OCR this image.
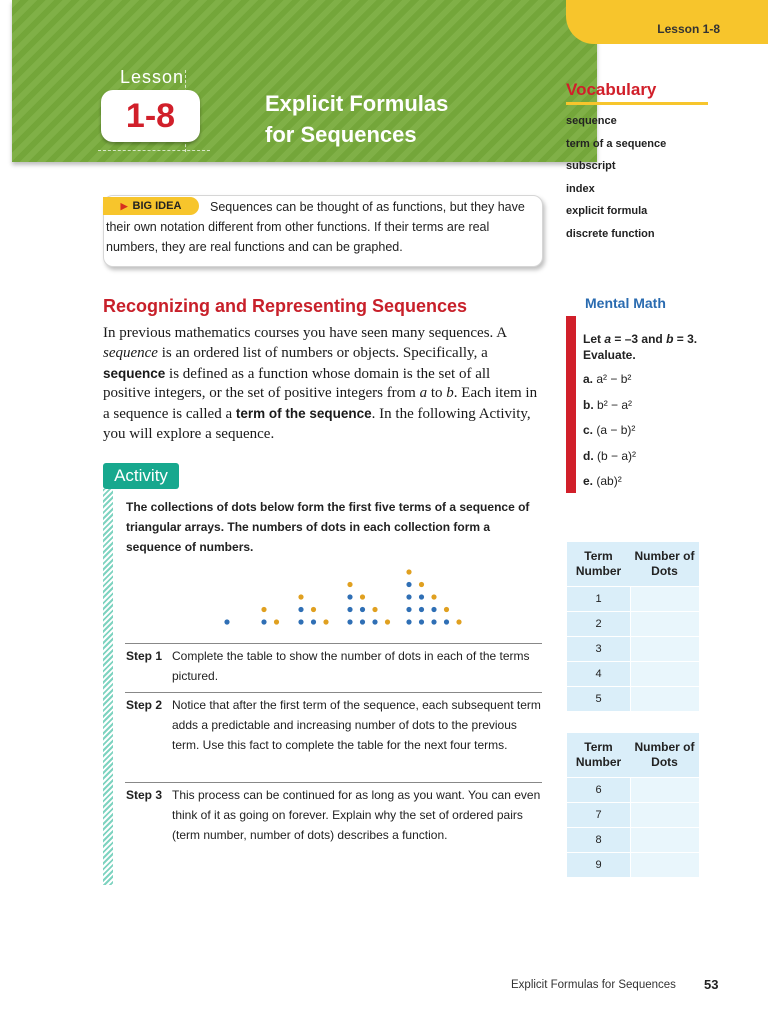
Lesson 1-8
Lesson
1-8	Explicit Formulas
for Sequences
Sequences can be thought of as functions, but they have their own notation different from other functions. If their terms are real numbers, they are real functions and can be graphed.
▶ BIG IDEA
Vocabulary
sequence
term of a sequence
subscript
index
explicit formula
discrete function
Recognizing and Representing Sequences
In previous mathematics courses you have seen many sequences. A sequence is an ordered list of numbers or objects. Specifically, a sequence is defined as a function whose domain is the set of all positive integers, or the set of positive integers from a to b. Each item in a sequence is called a term of the sequence. In the following Activity, you will explore a sequence.
Mental Math
Let a = –3 and b = 3.
Evaluate.
a. a² − b²
b. b² − a²
c. (a − b)²
d. (b − a)²
e. (ab)²
Activity
The collections of dots below form the first five terms of a sequence of triangular arrays. The numbers of dots in each collection form a sequence of numbers.
Step 1 Complete the table to show the number of dots in each of the terms pictured.
Step 2 Notice that after the first term of the sequence, each subsequent term adds a predictable and increasing number of dots to the previous term. Use this fact to complete the table for the next four terms.
Step 3 This process can be continued for as long as you want. You can even think of it as going on forever. Explain why the set of ordered pairs (term number, number of dots) describes a function.
Term Number	Number of Dots
1	
2	
3	
4	
5	
Term Number	Number of Dots
6	
7	
8	
9	
Explicit Formulas for Sequences 53
